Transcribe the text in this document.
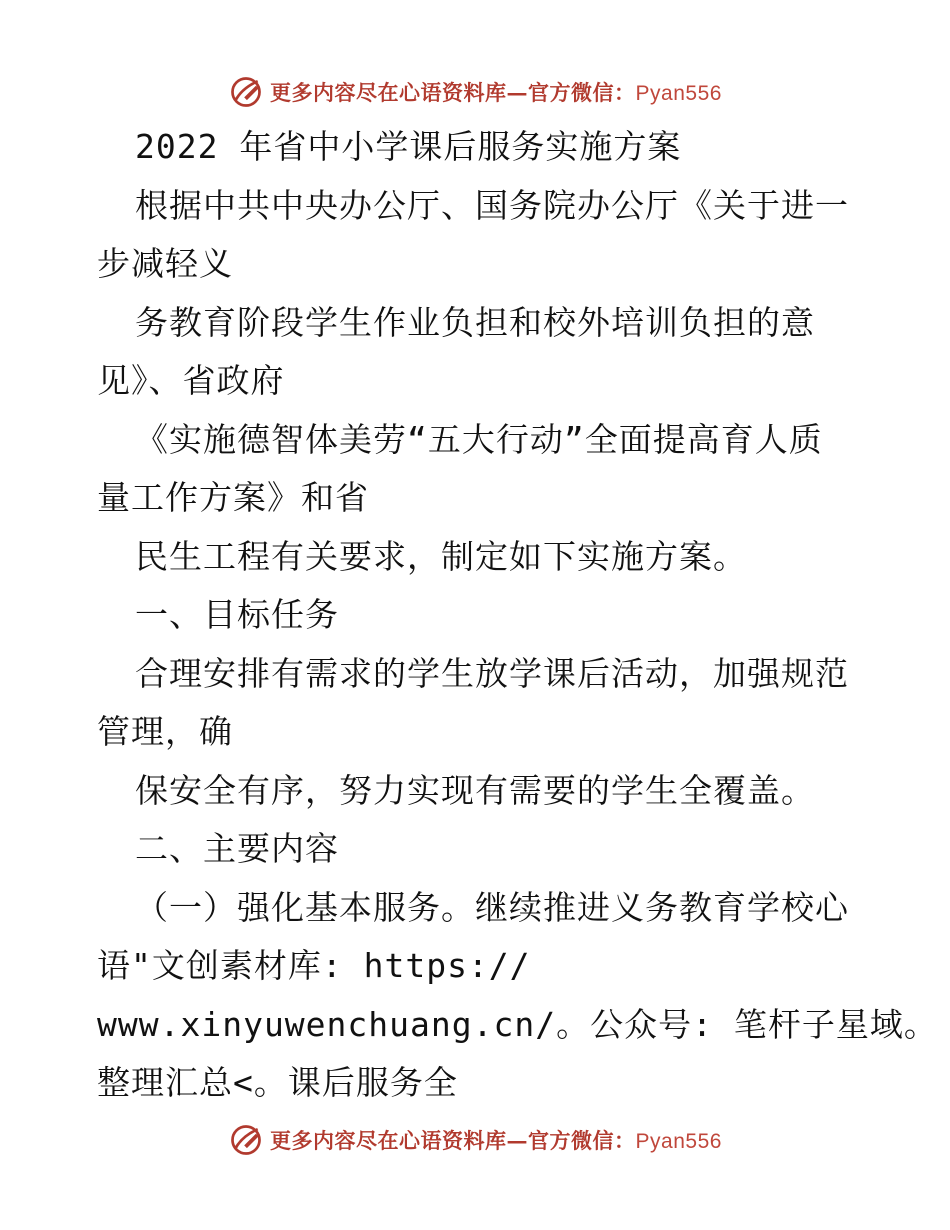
更多内容尽在心语资料库—官方微信：Pyan556
2022 年省中小学课后服务实施方案
根据中共中央办公厅、国务院办公厅《关于进一
步减轻义
务教育阶段学生作业负担和校外培训负担的意
见》、省政府
《实施德智体美劳“五大行动”全面提高育人质
量工作方案》和省
民生工程有关要求，制定如下实施方案。
一、目标任务
合理安排有需求的学生放学课后活动，加强规范
管理，确
保安全有序，努力实现有需要的学生全覆盖。
二、主要内容
（一）强化基本服务。继续推进义务教育学校心
语"文创素材库: https://
www.xinyuwenchuang.cn/。公众号: 笔杆子星域。
整理汇总<。课后服务全
更多内容尽在心语资料库—官方微信：Pyan556
